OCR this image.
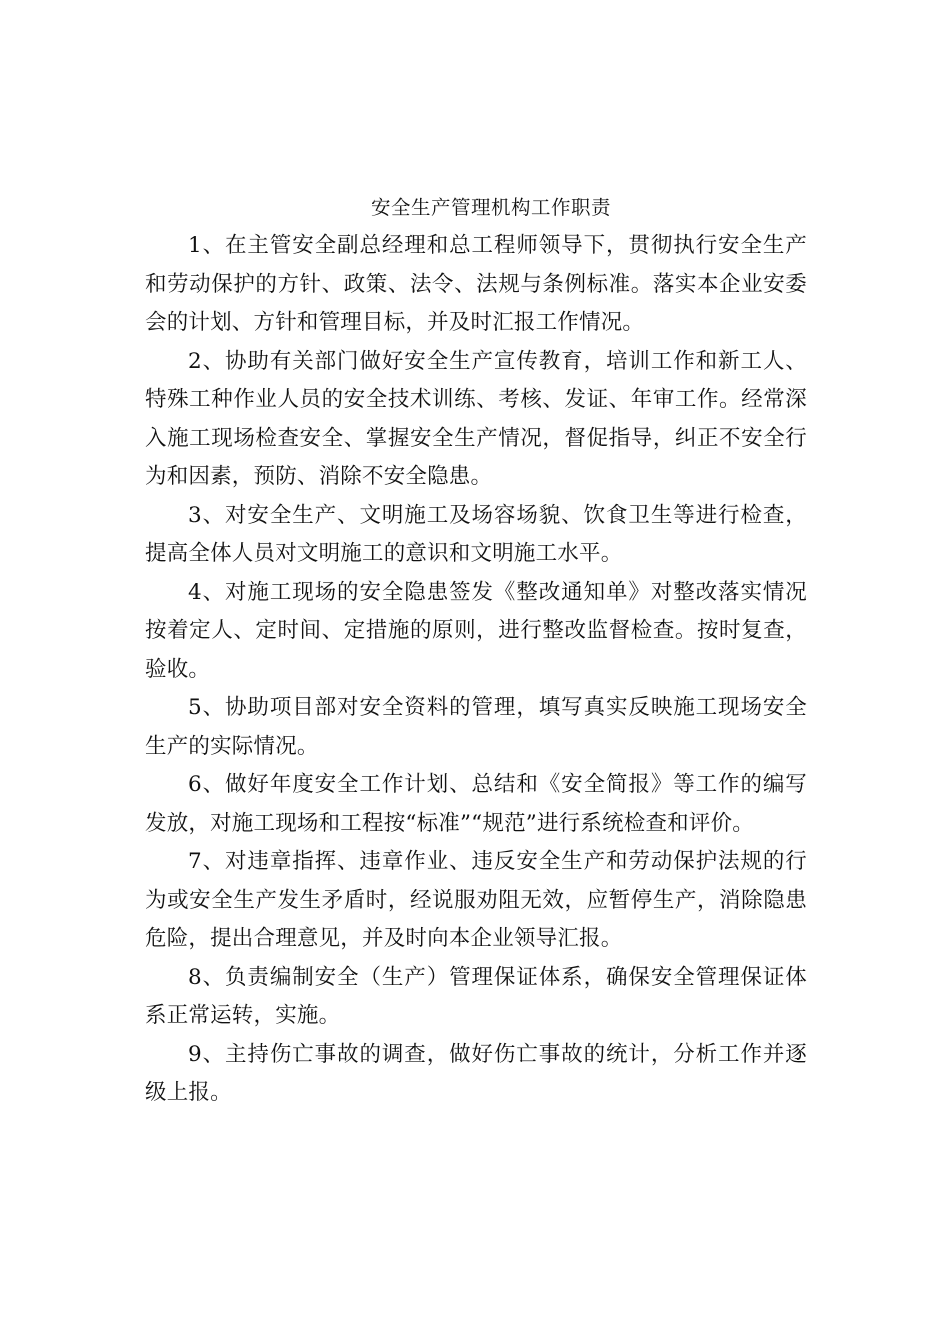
安全生产管理机构工作职责

1、在主管安全副总经理和总工程师领导下，贯彻执行安全生产和劳动保护的方针、政策、法令、法规与条例标准。落实本企业安委会的计划、方针和管理目标，并及时汇报工作情况。

2、协助有关部门做好安全生产宣传教育，培训工作和新工人、特殊工种作业人员的安全技术训练、考核、发证、年审工作。经常深入施工现场检查安全、掌握安全生产情况，督促指导，纠正不安全行为和因素，预防、消除不安全隐患。

3、对安全生产、文明施工及场容场貌、饮食卫生等进行检查，提高全体人员对文明施工的意识和文明施工水平。

4、对施工现场的安全隐患签发《整改通知单》对整改落实情况按着定人、定时间、定措施的原则，进行整改监督检查。按时复查，验收。

5、协助项目部对安全资料的管理，填写真实反映施工现场安全生产的实际情况。

6、做好年度安全工作计划、总结和《安全简报》等工作的编写发放，对施工现场和工程按“标准”“规范”进行系统检查和评价。

7、对违章指挥、违章作业、违反安全生产和劳动保护法规的行为或安全生产发生矛盾时，经说服劝阻无效，应暂停生产，消除隐患危险，提出合理意见，并及时向本企业领导汇报。

8、负责编制安全（生产）管理保证体系，确保安全管理保证体系正常运转，实施。

9、主持伤亡事故的调查，做好伤亡事故的统计，分析工作并逐级上报。
